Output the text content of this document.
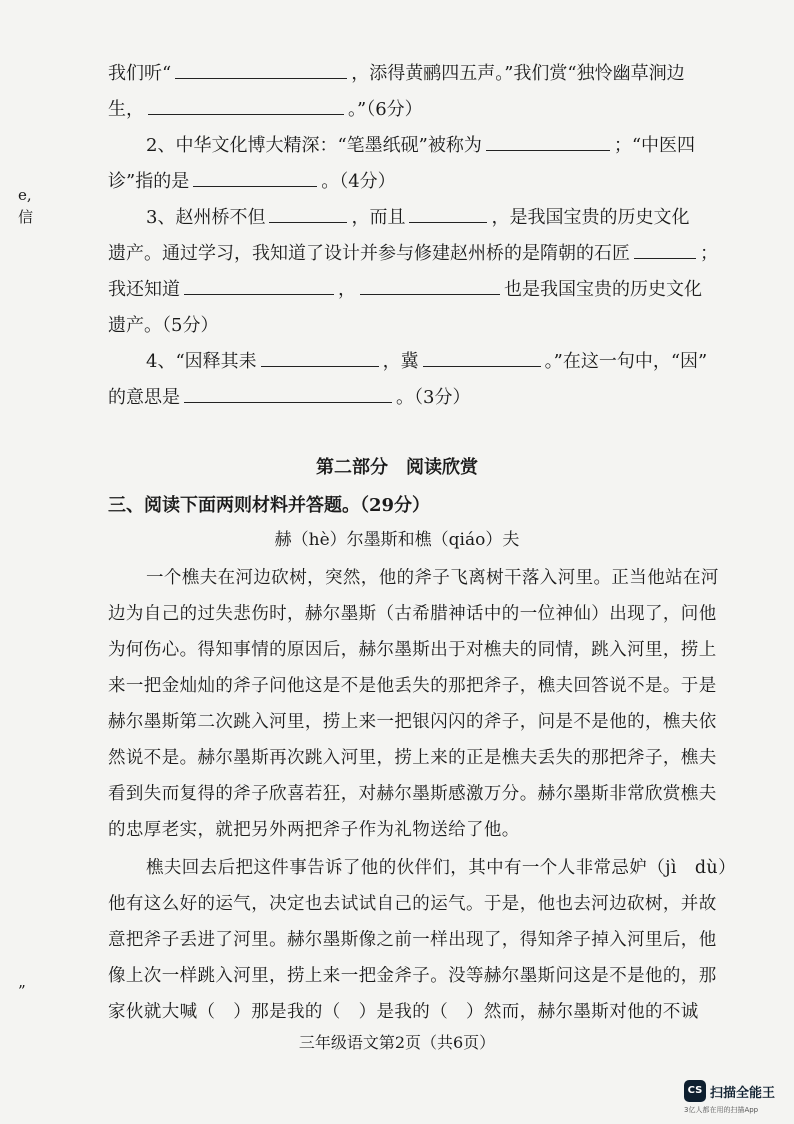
e,
信
”
我们听“	，添得黄鹂四五声。”我们赏“独怜幽草涧边
生，	。”（6分）
2、中华文化博大精深：“笔墨纸砚”被称为	；“中医四
诊”指的是	。（4分）
3、赵州桥不但	，而且	，是我国宝贵的历史文化
遗产。通过学习，我知道了设计并参与修建赵州桥的是隋朝的石匠	；
我还知道	，	也是我国宝贵的历史文化
遗产。（5分）
4、“因释其耒	，冀	。”在这一句中，“因”
的意思是	。（3分）
第二部分　阅读欣赏
三、阅读下面两则材料并答题。（29分）
赫（hè）尔墨斯和樵（qiáo）夫
一个樵夫在河边砍树，突然，他的斧子飞离树干落入河里。正当他站在河
边为自己的过失悲伤时，赫尔墨斯（古希腊神话中的一位神仙）出现了，问他
为何伤心。得知事情的原因后，赫尔墨斯出于对樵夫的同情，跳入河里，捞上
来一把金灿灿的斧子问他这是不是他丢失的那把斧子，樵夫回答说不是。于是
赫尔墨斯第二次跳入河里，捞上来一把银闪闪的斧子，问是不是他的，樵夫依
然说不是。赫尔墨斯再次跳入河里，捞上来的正是樵夫丢失的那把斧子，樵夫
看到失而复得的斧子欣喜若狂，对赫尔墨斯感激万分。赫尔墨斯非常欣赏樵夫
的忠厚老实，就把另外两把斧子作为礼物送给了他。
樵夫回去后把这件事告诉了他的伙伴们，其中有一个人非常忌妒（jì　dù）
他有这么好的运气，决定也去试试自己的运气。于是，他也去河边砍树，并故
意把斧子丢进了河里。赫尔墨斯像之前一样出现了，得知斧子掉入河里后，他
像上次一样跳入河里，捞上来一把金斧子。没等赫尔墨斯问这是不是他的，那
家伙就大喊（　）那是我的（　）是我的（　）然而，赫尔墨斯对他的不诚
三年级语文第2页（共6页）
CS 扫描全能王
3亿人都在用的扫描App
